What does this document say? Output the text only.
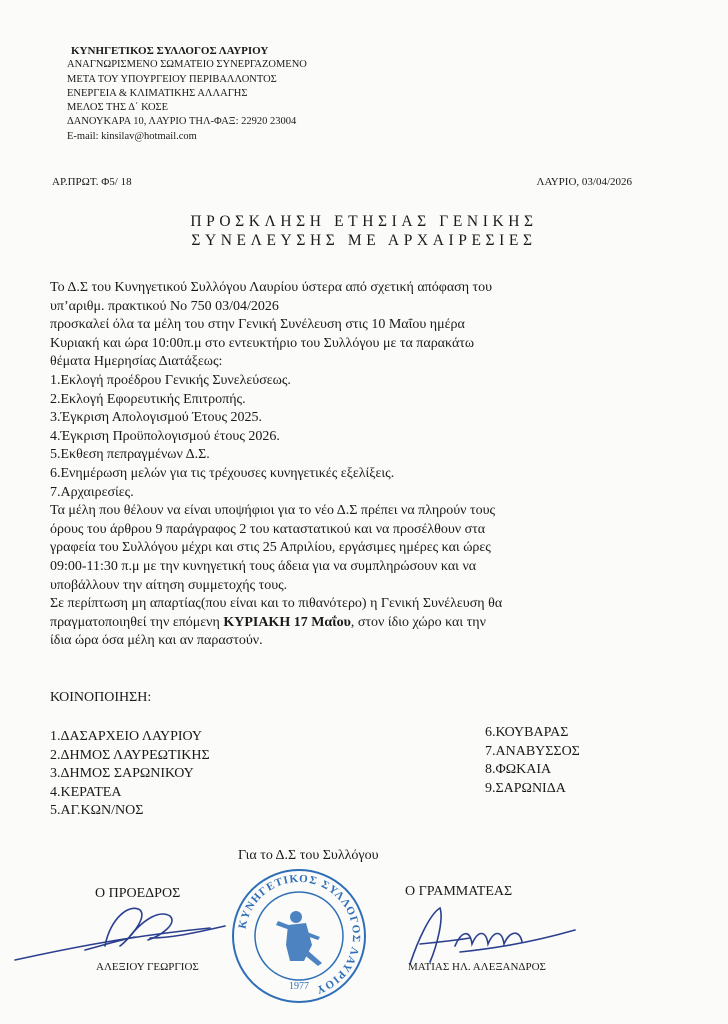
ΚΥΝΗΓΕΤΙΚΟΣ ΣΥΛΛΟΓΟΣ ΛΑΥΡΙΟΥ
ΑΝΑΓΝΩΡΙΣΜΕΝΟ ΣΩΜΑΤΕΙΟ ΣΥΝΕΡΓΑΖΟΜΕΝΟ
ΜΕΤΑ ΤΟΥ ΥΠΟΥΡΓΕΙΟΥ ΠΕΡΙΒΑΛΛΟΝΤΟΣ
ΕΝΕΡΓΕΙΑ & ΚΛΙΜΑΤΙΚΗΣ ΑΛΛΑΓΗΣ
ΜΕΛΟΣ ΤΗΣ Δ΄ ΚΟΣΕ
ΔΑΝΟΥΚΑΡΑ 10, ΛΑΥΡΙΟ ΤΗΛ-ΦΑΞ: 22920 23004
E-mail: kinsilav@hotmail.com
ΑΡ.ΠΡΩΤ. Φ5/ 18	ΛΑΥΡΙΟ, 03/04/2026
ΠΡΟΣΚΛΗΣΗ ΕΤΗΣΙΑΣ ΓΕΝΙΚΗΣ
ΣΥΝΕΛΕΥΣΗΣ ΜΕ ΑΡΧΑΙΡΕΣΙΕΣ

Το Δ.Σ του Κυνηγετικού Συλλόγου Λαυρίου ύστερα από σχετική απόφαση του

υπ’αριθμ. πρακτικού Νο 750 03/04/2026

προσκαλεί όλα τα μέλη του στην Γενική Συνέλευση στις 10 Μαΐου ημέρα

Κυριακή και ώρα 10:00π.μ στο εντευκτήριο του Συλλόγου με τα παρακάτω

θέματα Ημερησίας Διατάξεως:

1.Εκλογή προέδρου Γενικής Συνελεύσεως.

2.Εκλογή Εφορευτικής Επιτροπής.

3.Έγκριση Απολογισμού Έτους 2025.

4.Έγκριση Προϋπολογισμού έτους 2026.

5.Εκθεση πεπραγμένων Δ.Σ.

6.Ενημέρωση μελών για τις τρέχουσες κυνηγετικές εξελίξεις.

7.Αρχαιρεσίες.

Τα μέλη που θέλουν να είναι υποψήφιοι για το νέο Δ.Σ πρέπει να πληρούν τους

όρους του άρθρου 9 παράγραφος 2 του καταστατικού και να προσέλθουν στα

γραφεία του Συλλόγου μέχρι και στις 25 Απριλίου, εργάσιμες ημέρες και ώρες

09:00-11:30 π.μ με την κυνηγετική τους άδεια για να συμπληρώσουν και να

υποβάλλουν την αίτηση συμμετοχής τους.

Σε περίπτωση μη απαρτίας(που είναι και το πιθανότερο) η Γενική Συνέλευση θα

πραγματοποιηθεί την επόμενη ΚΥΡΙΑΚΗ 17 Μαΐου, στον ίδιο χώρο και την

ίδια ώρα όσα μέλη και αν παραστούν.

ΚΟΙΝΟΠΟΙΗΣΗ:
1.ΔΑΣΑΡΧΕΙΟ ΛΑΥΡΙΟΥ
2.ΔΗΜΟΣ ΛΑΥΡΕΩΤΙΚΗΣ
3.ΔΗΜΟΣ ΣΑΡΩΝΙΚΟΥ
4.ΚΕΡΑΤΕΑ
5.ΑΓ.ΚΩΝ/ΝΟΣ
6.ΚΟΥΒΑΡΑΣ
7.ΑΝΑΒΥΣΣΟΣ
8.ΦΩΚΑΙΑ
9.ΣΑΡΩΝΙΔΑ
Για το Δ.Σ του Συλλόγου
Ο ΠΡΟΕΔΡΟΣ	Ο ΓΡΑΜΜΑΤΕΑΣ
ΚΥΝΗΓΕΤΙΚΟΣ ΣΥΛΛΟΓΟΣ ΛΑΥΡΙΟΥ
1977
ΑΛΕΞΙΟΥ ΓΕΩΡΓΙΟΣ	ΜΑΤΙΑΣ ΗΛ. ΑΛΕΞΑΝΔΡΟΣ
